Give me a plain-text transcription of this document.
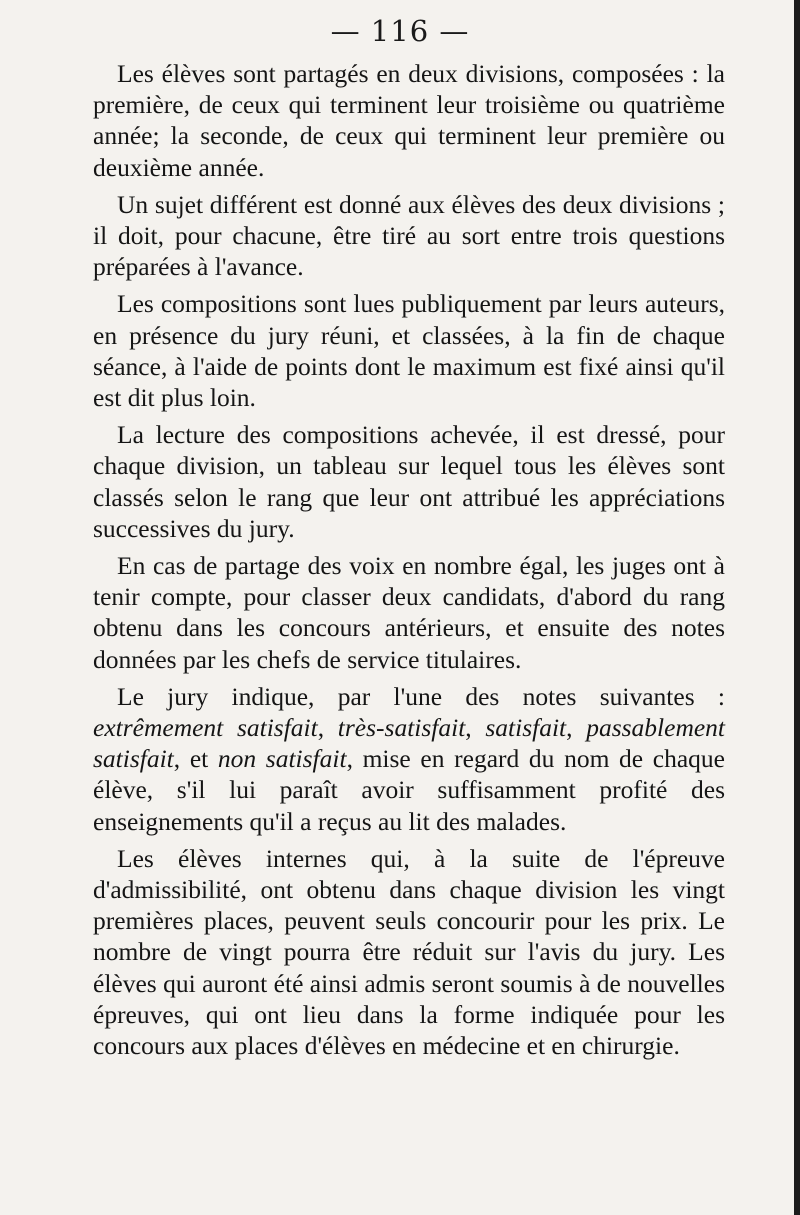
— 116 —

Les élèves sont partagés en deux divisions, composées : la première, de ceux qui terminent leur troisième ou quatrième année; la seconde, de ceux qui terminent leur première ou deuxième année.

Un sujet différent est donné aux élèves des deux divisions ; il doit, pour chacune, être tiré au sort entre trois questions préparées à l'avance.

Les compositions sont lues publiquement par leurs auteurs, en présence du jury réuni, et classées, à la fin de chaque séance, à l'aide de points dont le maximum est fixé ainsi qu'il est dit plus loin.

La lecture des compositions achevée, il est dressé, pour chaque division, un tableau sur lequel tous les élèves sont classés selon le rang que leur ont attribué les appréciations successives du jury.

En cas de partage des voix en nombre égal, les juges ont à tenir compte, pour classer deux candidats, d'abord du rang obtenu dans les concours antérieurs, et ensuite des notes données par les chefs de service titulaires.

Le jury indique, par l'une des notes suivantes : extrêmement satisfait, très-satisfait, satisfait, passablement satisfait, et non satisfait, mise en regard du nom de chaque élève, s'il lui paraît avoir suffisamment profité des enseignements qu'il a reçus au lit des malades.

Les élèves internes qui, à la suite de l'épreuve d'admissibilité, ont obtenu dans chaque division les vingt premières places, peuvent seuls concourir pour les prix. Le nombre de vingt pourra être réduit sur l'avis du jury. Les élèves qui auront été ainsi admis seront soumis à de nouvelles épreuves, qui ont lieu dans la forme indiquée pour les concours aux places d'élèves en médecine et en chirurgie.
